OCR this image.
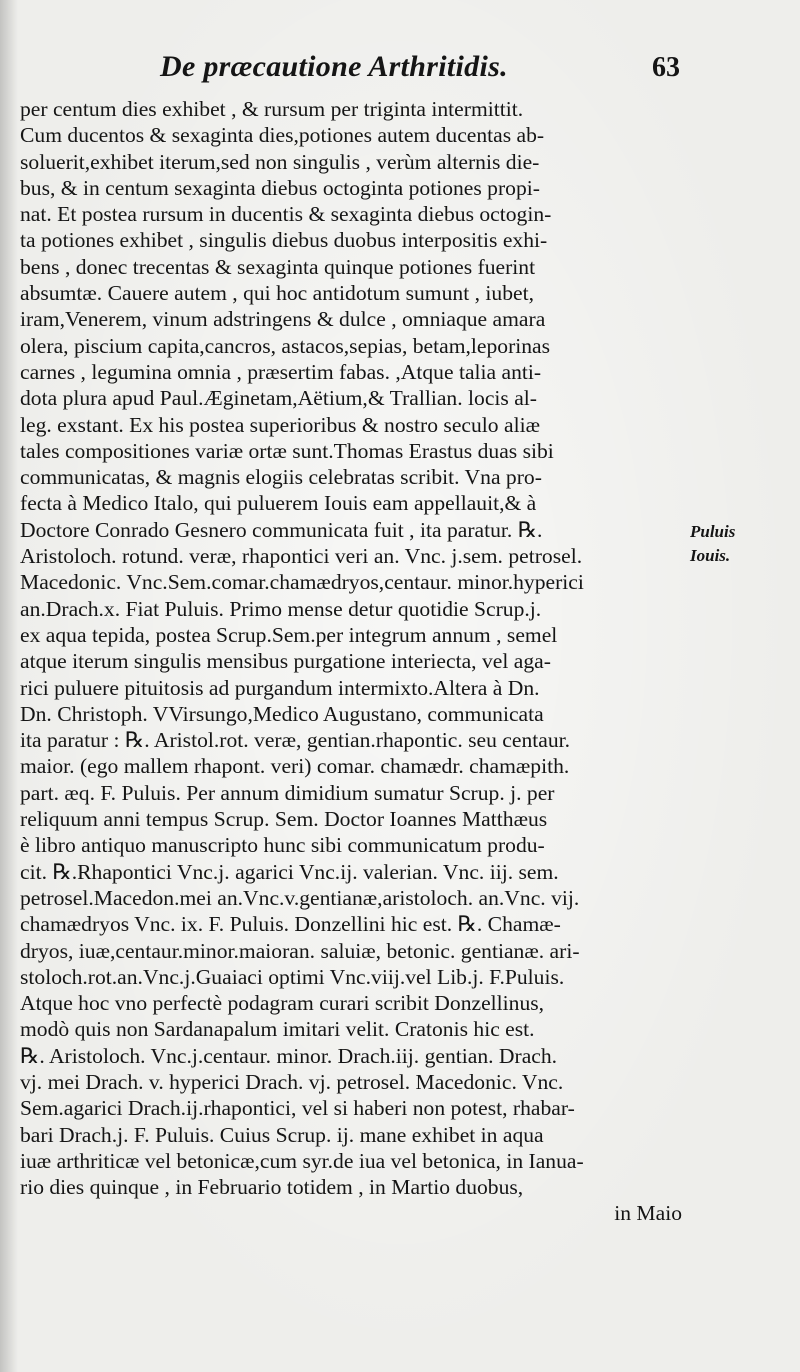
De præcautione Arthritidis.	63
per centum dies exhibet , & rursum per triginta intermittit.
Cum ducentos & sexaginta dies,potiones autem ducentas ab-
soluerit,exhibet iterum,sed non singulis , verùm alternis die-
bus, & in centum sexaginta diebus octoginta potiones propi-
nat. Et postea rursum in ducentis & sexaginta diebus octogin-
ta potiones exhibet , singulis diebus duobus interpositis exhi-
bens , donec trecentas & sexaginta quinque potiones fuerint
absumtæ. Cauere autem , qui hoc antidotum sumunt , iubet,
iram,Venerem, vinum adstringens & dulce , omniaque amara
olera, piscium capita,cancros, astacos,sepias, betam,leporinas
carnes , legumina omnia , præsertim fabas. ,Atque talia anti-
dota plura apud Paul.Æginetam,Aëtium,& Trallian. locis al-
leg. exstant. Ex his postea superioribus & nostro seculo aliæ
tales compositiones variæ ortæ sunt.Thomas Erastus duas sibi
communicatas, & magnis elogiis celebratas scribit. Vna pro-
fecta à Medico Italo, qui puluerem Iouis eam appellauit,& à
Doctore Conrado Gesnero communicata fuit , ita paratur. ℞.
Aristoloch. rotund. veræ, rhapontici veri an. Vnc. j.sem. petrosel.
Macedonic. Vnc.Sem.comar.chamædryos,centaur. minor.hyperici
an.Drach.x. Fiat Puluis. Primo mense detur quotidie Scrup.j.
ex aqua tepida, postea Scrup.Sem.per integrum annum , semel
atque iterum singulis mensibus purgatione interiecta, vel aga-
rici puluere pituitosis ad purgandum intermixto.Altera à Dn.
Dn. Christoph. VVirsungo,Medico Augustano, communicata
ita paratur : ℞. Aristol.rot. veræ, gentian.rhapontic. seu centaur.
maior. (ego mallem rhapont. veri) comar. chamædr. chamæpith.
part. æq. F. Puluis. Per annum dimidium sumatur Scrup. j. per
reliquum anni tempus Scrup. Sem. Doctor Ioannes Matthæus
è libro antiquo manuscripto hunc sibi communicatum produ-
cit. ℞.Rhapontici Vnc.j. agarici Vnc.ij. valerian. Vnc. iij. sem.
petrosel.Macedon.mei an.Vnc.v.gentianæ,aristoloch. an.Vnc. vij.
chamædryos Vnc. ix. F. Puluis. Donzellini hic est. ℞. Chamæ-
dryos, iuæ,centaur.minor.maioran. saluiæ, betonic. gentianæ. ari-
stoloch.rot.an.Vnc.j.Guaiaci optimi Vnc.viij.vel Lib.j. F.Puluis.
Atque hoc vno perfectè podagram curari scribit Donzellinus,
modò quis non Sardanapalum imitari velit. Cratonis hic est.
℞. Aristoloch. Vnc.j.centaur. minor. Drach.iij. gentian. Drach.
vj. mei Drach. v. hyperici Drach. vj. petrosel. Macedonic. Vnc.
Sem.agarici Drach.ij.rhapontici, vel si haberi non potest, rhabar-
bari Drach.j. F. Puluis. Cuius Scrup. ij. mane exhibet in aqua
iuæ arthriticæ vel betonicæ,cum syr.de iua vel betonica, in Ianua-
rio dies quinque , in Februario totidem , in Martio duobus,
in Maio
Puluis
Iouis.
